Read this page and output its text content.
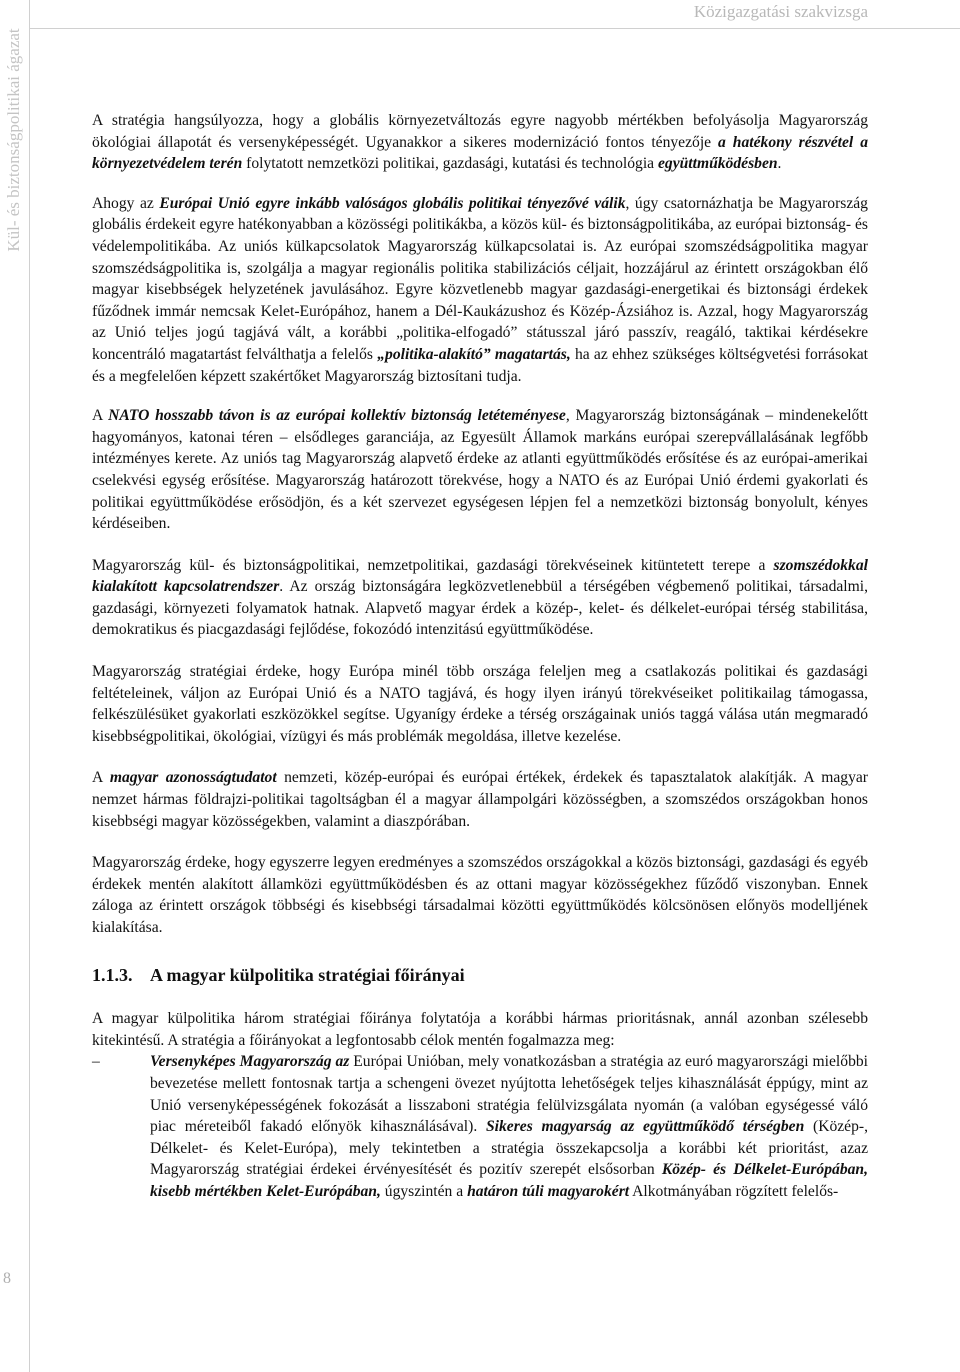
Közigazgatási szakvizsga
Kül- és biztonságpolitikai ágazat
8

A stratégia hangsúlyozza, hogy a globális környezetváltozás egyre nagyobb mértékben befolyásolja Magyarország ökológiai állapotát és versenyképességét. Ugyanakkor a sikeres modernizáció fontos tényezője a hatékony részvétel a környezetvédelem terén folytatott nemzetközi politikai, gazdasági, kutatási és technológia együttműködésben.

Ahogy az Európai Unió egyre inkább valóságos globális politikai tényezővé válik, úgy csatornázhatja be Magyarország globális érdekeit egyre hatékonyabban a közösségi politikákba, a közös kül- és biztonságpolitikába, az európai biztonság- és védelempolitikába. Az uniós külkapcsolatok Magyarország külkapcsolatai is. Az európai szomszédságpolitika magyar szomszédságpolitika is, szolgálja a magyar regionális politika stabilizációs céljait, hozzájárul az érintett országokban élő magyar kisebbségek helyzetének javulásához. Egyre közvetlenebb magyar gazdasági-energetikai és biztonsági érdekek fűződnek immár nemcsak Kelet-Európához, hanem a Dél-Kaukázushoz és Közép-Ázsiához is. Azzal, hogy Magyarország az Unió teljes jogú tagjává vált, a korábbi „politika-elfogadó” státusszal járó passzív, reagáló, taktikai kérdésekre koncentráló magatartást felválthatja a felelős „politika-alakító” magatartás, ha az ehhez szükséges költségvetési forrásokat és a megfelelően képzett szakértőket Magyarország biztosítani tudja.

A NATO hosszabb távon is az európai kollektív biztonság letéteményese, Magyarország biztonságának – mindenekelőtt hagyományos, katonai téren – elsődleges garanciája, az Egyesült Államok markáns európai szerepvállalásának legfőbb intézményes kerete. Az uniós tag Magyarország alapvető érdeke az atlanti együttműködés erősítése és az európai-amerikai cselekvési egység erősítése. Magyarország határozott törekvése, hogy a NATO és az Európai Unió érdemi gyakorlati és politikai együttműködése erősödjön, és a két szervezet egységesen lépjen fel a nemzetközi biztonság bonyolult, kényes kérdéseiben.

Magyarország kül- és biztonságpolitikai, nemzetpolitikai, gazdasági törekvéseinek kitüntetett terepe a szomszédokkal kialakított kapcsolatrendszer. Az ország biztonságára legközvetlenebbül a térségében végbemenő politikai, társadalmi, gazdasági, környezeti folyamatok hatnak. Alapvető magyar érdek a közép-, kelet- és délkelet-európai térség stabilitása, demokratikus és piacgazdasági fejlődése, fokozódó intenzitású együttműködése.

Magyarország stratégiai érdeke, hogy Európa minél több országa feleljen meg a csatlakozás politikai és gazdasági feltételeinek, váljon az Európai Unió és a NATO tagjává, és hogy ilyen irányú törekvéseiket politikailag támogassa, felkészülésüket gyakorlati eszközökkel segítse. Ugyanígy érdeke a térség országainak uniós taggá válása után megmaradó kisebbségpolitikai, ökológiai, vízügyi és más problémák megoldása, illetve kezelése.

A magyar azonosságtudatot nemzeti, közép-európai és európai értékek, érdekek és tapasztalatok alakítják. A magyar nemzet hármas földrajzi-politikai tagoltságban él a magyar állampolgári közösségben, a szomszédos országokban honos kisebbségi magyar közösségekben, valamint a diaszpórában.

Magyarország érdeke, hogy egyszerre legyen eredményes a szomszédos országokkal a közös biztonsági, gazdasági és egyéb érdekek mentén alakított államközi együttműködésben és az ottani magyar közösségekhez fűződő viszonyban. Ennek záloga az érintett országok többségi és kisebbségi társadalmai közötti együttműködés kölcsönösen előnyös modelljének kialakítása.

1.1.3. A magyar külpolitika stratégiai főirányai

A magyar külpolitika három stratégiai főiránya folytatója a korábbi hármas prioritásnak, annál azonban szélesebb kitekintésű. A stratégia a főirányokat a legfontosabb célok mentén fogalmazza meg:

–	Versenyképes Magyarország az Európai Unióban, mely vonatkozásban a stratégia az euró magyarországi mielőbbi bevezetése mellett fontosnak tartja a schengeni övezet nyújtotta lehetőségek teljes kihasználását éppúgy, mint az Unió versenyképességének fokozását a lisszaboni stratégia felülvizsgálata nyomán (a valóban egységessé váló piac méreteiből fakadó előnyök kihasználásával). Sikeres magyarság az együttműködő térségben (Közép-, Délkelet- és Kelet-Európa), mely tekintetben a stratégia összekapcsolja a korábbi két prioritást, azaz Magyarország stratégiai érdekei érvényesítését és pozitív szerepét elsősorban Közép- és Délkelet-Európában, kisebb mértékben Kelet-Európában, úgyszintén a határon túli magyarokért Alkotmányában rögzített felelős-
